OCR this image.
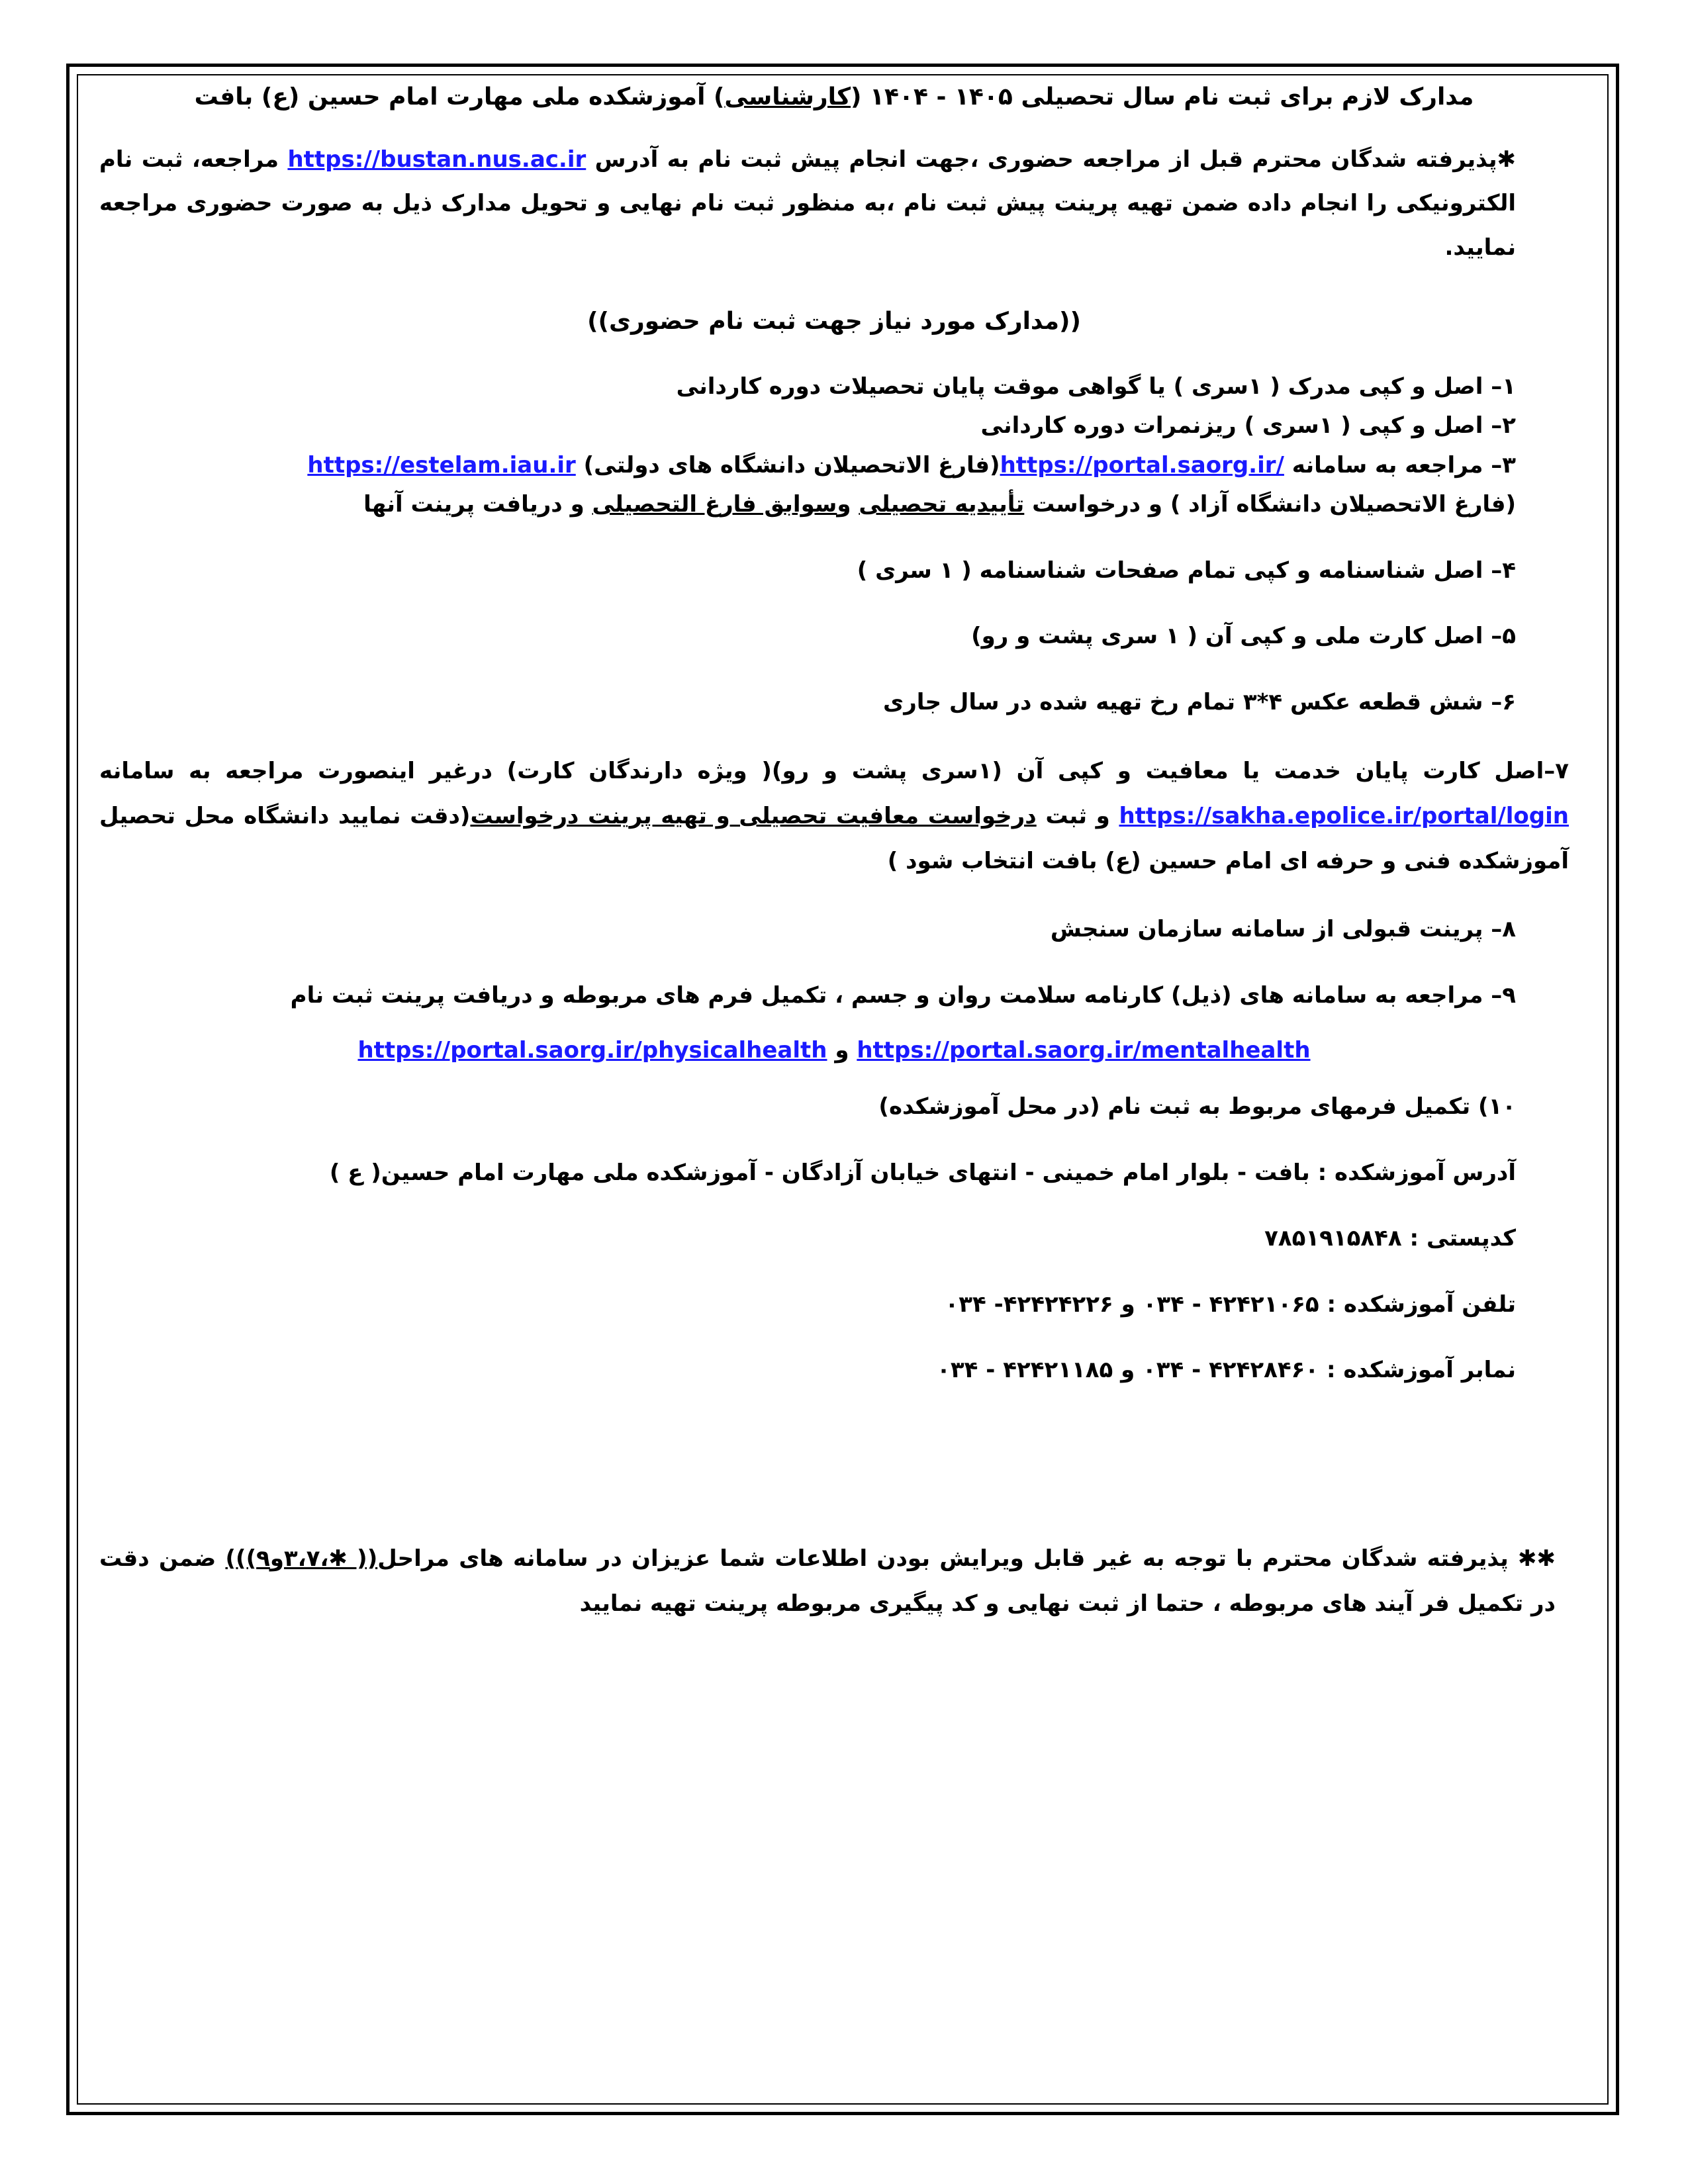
مدارک لازم برای ثبت نام سال تحصیلی ۱۴۰۵ - ۱۴۰۴ (کارشناسی) آموزشکده ملی مهارت امام حسین (ع) بافت
✱پذیرفته شدگان محترم قبل از مراجعه حضوری ،جهت انجام پیش ثبت نام به آدرس https://bustan.nus.ac.ir مراجعه، ثبت نام الکترونیکی را انجام داده ضمن تهیه پرینت پیش ثبت نام ،به منظور ثبت نام نهایی و تحویل مدارک ذیل به صورت حضوری مراجعه نمایید.
((مدارک مورد نیاز جهت ثبت نام حضوری))
۱– اصل و کپی مدرک ( ۱سری ) یا گواهی موقت پایان تحصیلات دوره کاردانی
۲– اصل و کپی ( ۱سری ) ریزنمرات دوره کاردانی
۳– مراجعه به سامانه https://portal.saorg.ir/(فارغ الاتحصیلان دانشگاه های دولتی) https://estelam.iau.ir
(فارغ الاتحصیلان دانشگاه آزاد ) و درخواست تأییدیه تحصیلی وسوابق فارغ التحصیلی و دریافت پرینت آنها
۴– اصل شناسنامه و کپی تمام صفحات شناسنامه ( ۱ سری )
۵– اصل کارت ملی و کپی آن ( ۱ سری پشت و رو)
۶– شش قطعه عکس ۴*۳ تمام رخ تهیه شده در سال جاری
۷–اصل کارت پایان خدمت یا معافیت و کپی آن (۱سری پشت و رو)( ویژه دارندگان کارت) درغیر اینصورت مراجعه به سامانه https://sakha.epolice.ir/portal/login و ثبت درخواست معافیت تحصیلی و تهیه پرینت درخواست(دقت نمایید دانشگاه محل تحصیل آموزشکده فنی و حرفه ای امام حسین (ع) بافت انتخاب شود )
۸– پرینت قبولی از سامانه سازمان سنجش
۹– مراجعه به سامانه های (ذیل) کارنامه سلامت روان و جسم ، تکمیل فرم های مربوطه و دریافت پرینت ثبت نام
https://portal.saorg.ir/mentalhealth و https://portal.saorg.ir/physicalhealth
۱۰) تکمیل فرمهای مربوط به ثبت نام (در محل آموزشکده)
آدرس آموزشکده : بافت - بلوار امام خمینی - انتهای خیابان آزادگان - آموزشکده ملی مهارت امام حسین( ع )
کدپستی : ۷۸۵۱۹۱۵۸۴۸
تلفن آموزشکده : ۴۲۴۲۱۰۶۵ - ۰۳۴ و ۴۲۴۲۴۲۲۶- ۰۳۴
نمابر آموزشکده : ۴۲۴۲۸۴۶۰ - ۰۳۴ و ۴۲۴۲۱۱۸۵ - ۰۳۴
✱✱ پذیرفته شدگان محترم با توجه به غیر قابل ویرایش بودن اطلاعات شما عزیزان در سامانه های مراحل(( ✱،۳،۷و۹))) ضمن دقت در تکمیل فر آیند های مربوطه ، حتما از ثبت نهایی و کد پیگیری مربوطه پرینت تهیه نمایید
